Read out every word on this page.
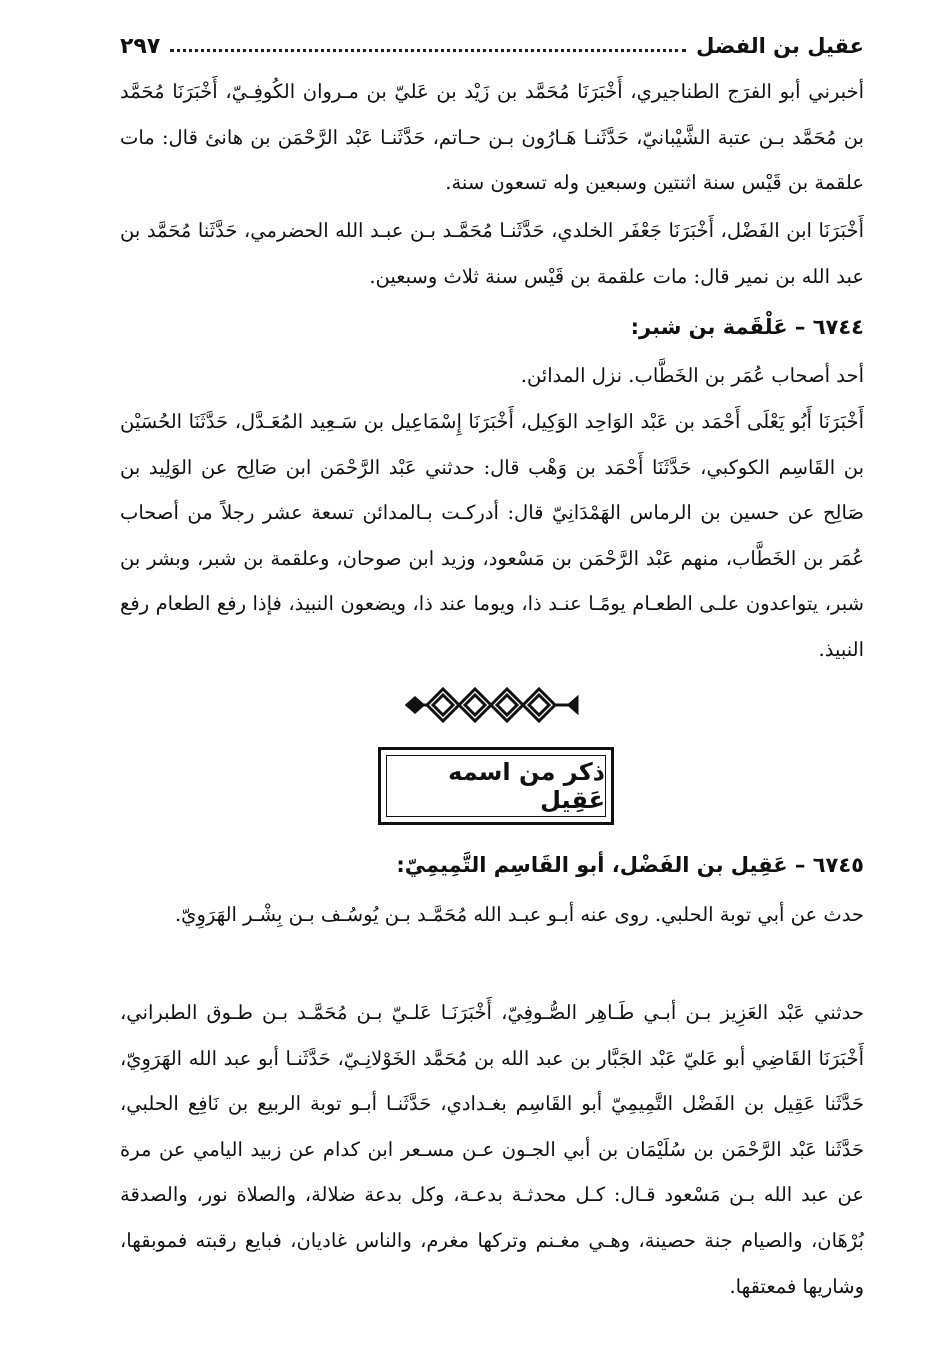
عقيل بن الفضل
٢٩٧
أخبرني أبو الفرَج الطناجيري، أَخْبَرَنَا مُحَمَّد بن زَيْد بن عَليّ بن مـروان الكُوفِـيّ، أَخْبَرَنَا مُحَمَّد بن مُحَمَّد بـن عتبة الشَّيْبانيّ، حَدَّثَنـا هَـارُون بـن حـاتم، حَدَّثَنـا عَبْد الرَّحْمَن بن هانئ قال: مات علقمة بن قَيْس سنة اثنتين وسبعين وله تسعون سنة.
أَخْبَرَنَا ابن الفَضْل، أَخْبَرَنَا جَعْفَر الخلدي، حَدَّثَنـا مُحَمَّـد بـن عبـد الله الحضرمي، حَدَّثَنا مُحَمَّد بن عبد الله بن نمير قال: مات علقمة بن قَيْس سنة ثلاث وسبعين.
٦٧٤٤ – عَلْقَمة بن شبر:
أحد أصحاب عُمَر بن الخَطَّاب. نزل المدائن.
أَخْبَرَنَا أَبُو يَعْلَى أَحْمَد بن عَبْد الوَاحِد الوَكِيل، أَخْبَرَنَا إِسْمَاعِيل بن سَـعِيد المُعَـدَّل، حَدَّثَنَا الحُسَيْن بن القَاسِم الكوكبي، حَدَّثَنَا أَحْمَد بن وَهْب قال: حدثني عَبْد الرَّحْمَن ابن صَالِح عن الوَلِيد بن صَالِح عن حسين بن الرماس الهَمْدَانِيّ قال: أدركـت بـالمدائن تسعة عشر رجلاً من أصحاب عُمَر بن الخَطَّاب، منهم عَبْد الرَّحْمَن بن مَسْعود، وزيد ابن صوحان، وعلقمة بن شبر، وبشر بن شبر، يتواعدون علـى الطعـام يومًـا عنـد ذا، ويوما عند ذا، ويضعون النبيذ، فإذا رفع الطعام رفع النبيذ.
ذكر من اسمه عَقِيل
٦٧٤٥ – عَقِيل بن الفَضْل، أبو القَاسِم التَّمِيمِيّ:
حدث عن أبي توبة الحلبي. روى عنه أبـو عبـد الله مُحَمَّـد بـن يُوسُـف بـن بِشْـر الهَرَوِيّ.
حدثني عَبْد العَزِيز بـن أبـي طَـاهِر الصُّـوفِيّ، أَخْبَرَنَـا عَلـيّ بـن مُحَمَّـد بـن طـوق الطبراني، أَخْبَرَنَا القَاضِي أبو عَليّ عَبْد الجَبَّار بن عبد الله بن مُحَمَّد الخَوْلانِـيّ، حَدَّثَنـا أبو عبد الله الهَرَوِيّ، حَدَّثَنا عَقِيل بن الفَضْل التَّمِيمِيّ أبو القَاسِم بغـدادي، حَدَّثَنـا أبـو توبة الربيع بن نَافِع الحلبي، حَدَّثَنا عَبْد الرَّحْمَن بن سُلَيْمَان بن أبي الجـون عـن مسـعر ابن كدام عن زبيد اليامي عن مرة عن عبد الله بـن مَسْعود قـال: كـل محدثـة بدعـة، وكل بدعة ضلالة، والصلاة نور، والصدقة بُرْهَان، والصيام جنة حصينة، وهـي مغـنم وتركها مغرم، والناس غاديان، فبايع رقبته فموبقها، وشاريها فمعتقها.
